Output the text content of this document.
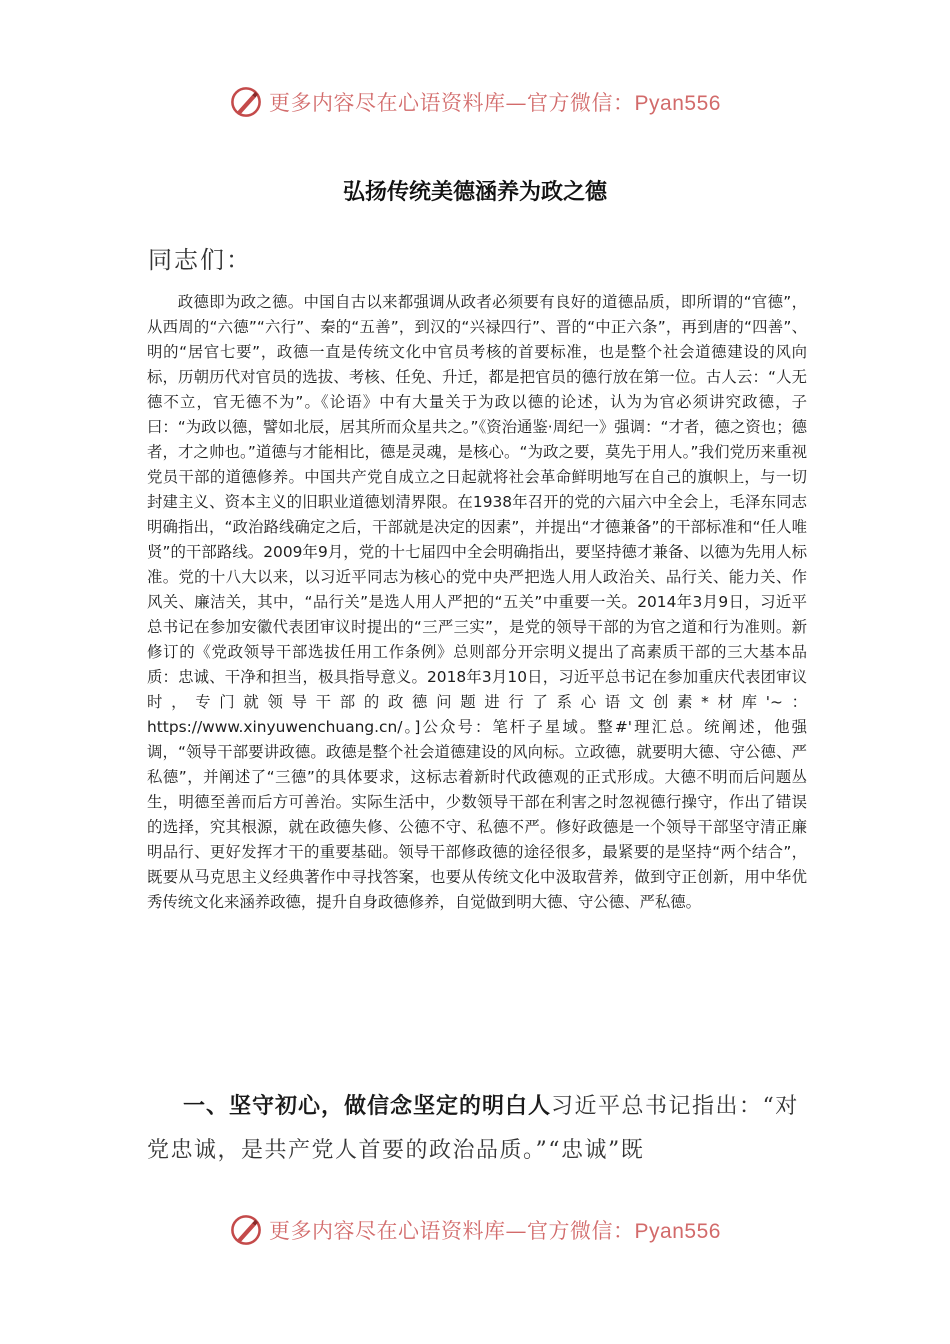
更多内容尽在心语资料库—官方微信：Pyan556
弘扬传统美德涵养为政之德
同志们：

政德即为政之德。中国自古以来都强调从政者必须要有良好的道德品质，即所谓的“官德”，从西周的“六德”“六行”、秦的“五善”，到汉的“兴禄四行”、晋的“中正六条”，再到唐的“四善”、明的“居官七要”，政德一直是传统文化中官员考核的首要标准，也是整个社会道德建设的风向标，历朝历代对官员的选拔、考核、任免、升迁，都是把官员的德行放在第一位。古人云：“人无德不立，官无德不为”。《论语》中有大量关于为政以德的论述，认为为官必须讲究政德，子曰：“为政以德，譬如北辰，居其所而众星共之。”《资治通鉴·周纪一》强调：“才者，德之资也；德者，才之帅也。”道德与才能相比，德是灵魂，是核心。“为政之要，莫先于用人。”我们党历来重视党员干部的道德修养。中国共产党自成立之日起就将社会革命鲜明地写在自己的旗帜上，与一切封建主义、资本主义的旧职业道德划清界限。在1938年召开的党的六届六中全会上，毛泽东同志明确指出，“政治路线确定之后，干部就是决定的因素”，并提出“才德兼备”的干部标准和“任人唯贤”的干部路线。2009年9月，党的十七届四中全会明确指出，要坚持德才兼备、以德为先用人标准。党的十八大以来，以习近平同志为核心的党中央严把选人用人政治关、品行关、能力关、作风关、廉洁关，其中，“品行关”是选人用人严把的“五关”中重要一关。2014年3月9日，习近平总书记在参加安徽代表团审议时提出的“三严三实”，是党的领导干部的为官之道和行为准则。新修订的《党政领导干部选拔任用工作条例》总则部分开宗明义提出了高素质干部的三大基本品质：忠诚、干净和担当，极具指导意义。2018年3月10日，习近平总书记在参加重庆代表团审议时，专门就领导干部的政德问题进行了系心语文创素*材库'~：https://www.xinyuwenchuang.cn/。]公众号：笔杆子星域。整#'理汇总。统阐述，他强调，“领导干部要讲政德。政德是整个社会道德建设的风向标。立政德，就要明大德、守公德、严私德”，并阐述了“三德”的具体要求，这标志着新时代政德观的正式形成。大德不明而后问题丛生，明德至善而后方可善治。实际生活中，少数领导干部在利害之时忽视德行操守，作出了错误的选择，究其根源，就在政德失修、公德不守、私德不严。修好政德是一个领导干部坚守清正廉明品行、更好发挥才干的重要基础。领导干部修政德的途径很多，最紧要的是坚持“两个结合”，既要从马克思主义经典著作中寻找答案，也要从传统文化中汲取营养，做到守正创新，用中华优秀传统文化来涵养政德，提升自身政德修养，自觉做到明大德、守公德、严私德。

一、坚守初心，做信念坚定的明白人习近平总书记指出：“对党忠诚，是共产党人首要的政治品质。”“忠诚”既

更多内容尽在心语资料库—官方微信：Pyan556
